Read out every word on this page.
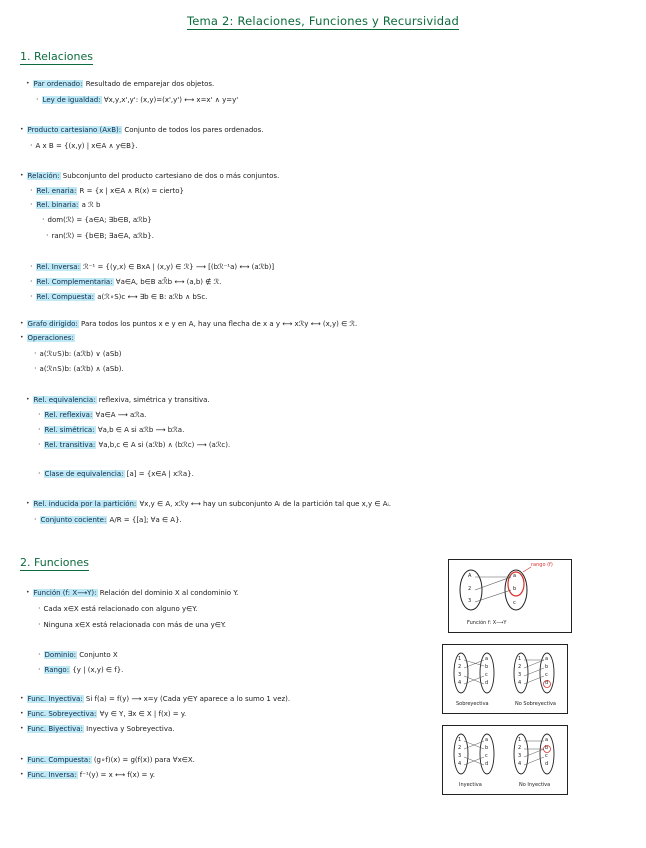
Tema 2: Relaciones, Funciones y Recursividad
1. Relaciones
• Par ordenado: Resultado de emparejar dos objetos.
· Ley de igualdad: ∀x,y,x',y': (x,y)=(x',y') ⟷ x=x' ∧ y=y'
• Producto cartesiano (AxB): Conjunto de todos los pares ordenados.
· A x B = {(x,y) | x∈A ∧ y∈B}.
• Relación: Subconjunto del producto cartesiano de dos o más conjuntos.
· Rel. enaria: R = {x | x∈A ∧ R(x) = cierto}
· Rel. binaria: a ℛ b
· dom(ℛ) = {a∈A; ∃b∈B, aℛb}
· ran(ℛ) = {b∈B; ∃a∈A, aℛb}.
· Rel. Inversa: ℛ⁻¹ = {(y,x) ∈ BxA | (x,y) ∈ ℛ} ⟶ [(bℛ⁻¹a) ⟷ (aℛb)]
· Rel. Complementaria: ∀a∈A, b∈B aℛ̄b ⟷ (a,b) ∉ ℛ.
· Rel. Compuesta: a(ℛ∘S)c ⟷ ∃b ∈ B: aℛb ∧ bSc.
• Grafo dirigido: Para todos los puntos x e y en A, hay una flecha de x a y ⟷ xℛy ⟷ (x,y) ∈ ℛ.
• Operaciones:
· a(ℛ∪S)b: (aℛb) ∨ (aSb)
· a(ℛ∩S)b: (aℛb) ∧ (aSb).
• Rel. equivalencia: reflexiva, simétrica y transitiva.
· Rel. reflexiva: ∀a∈A ⟶ aℛa.
· Rel. simétrica: ∀a,b ∈ A si aℛb ⟶ bℛa.
· Rel. transitiva: ∀a,b,c ∈ A si (aℛb) ∧ (bℛc) ⟶ (aℛc).
· Clase de equivalencia: [a] = {x∈A | xℛa}.
• Rel. inducida por la partición: ∀x,y ∈ A, xℛy ⟷ hay un subconjunto Aᵢ de la partición tal que x,y ∈ Aᵢ.
· Conjunto cociente: A/R = {[a]; ∀a ∈ A}.
2. Funciones
• Función (f: X⟶Y): Relación del dominio X al condominio Y.
· Cada x∈X está relacionado con alguno y∈Y.
· Ninguna x∈X está relacionada con más de una y∈Y.
· Dominio: Conjunto X
· Rango: {y | (x,y) ∈ f}.
• Func. Inyectiva: Si f(a) = f(y) ⟶ x=y (Cada y∈Y aparece a lo sumo 1 vez).
• Func. Sobreyectiva: ∀y ∈ Y, ∃x ∈ X | f(x) = y.
• Func. Biyectiva: Inyectiva y Sobreyectiva.
• Func. Compuesta: (g∘f)(x) = g(f(x)) para ∀x∈X.
• Func. Inversa: f⁻¹(y) = x ⟷ f(x) = y.
A
2
3
a
b
c
rango (f)
Función f: X⟶Y
1
2
3
4
a
b
c
d
1
2
3
4
a
b
c
d
Sobreyectiva	No Sobreyectiva
1
2
3
4
a
b
c
d
1
2
3
4
a
b
c
d
Inyectiva	No Inyectiva
